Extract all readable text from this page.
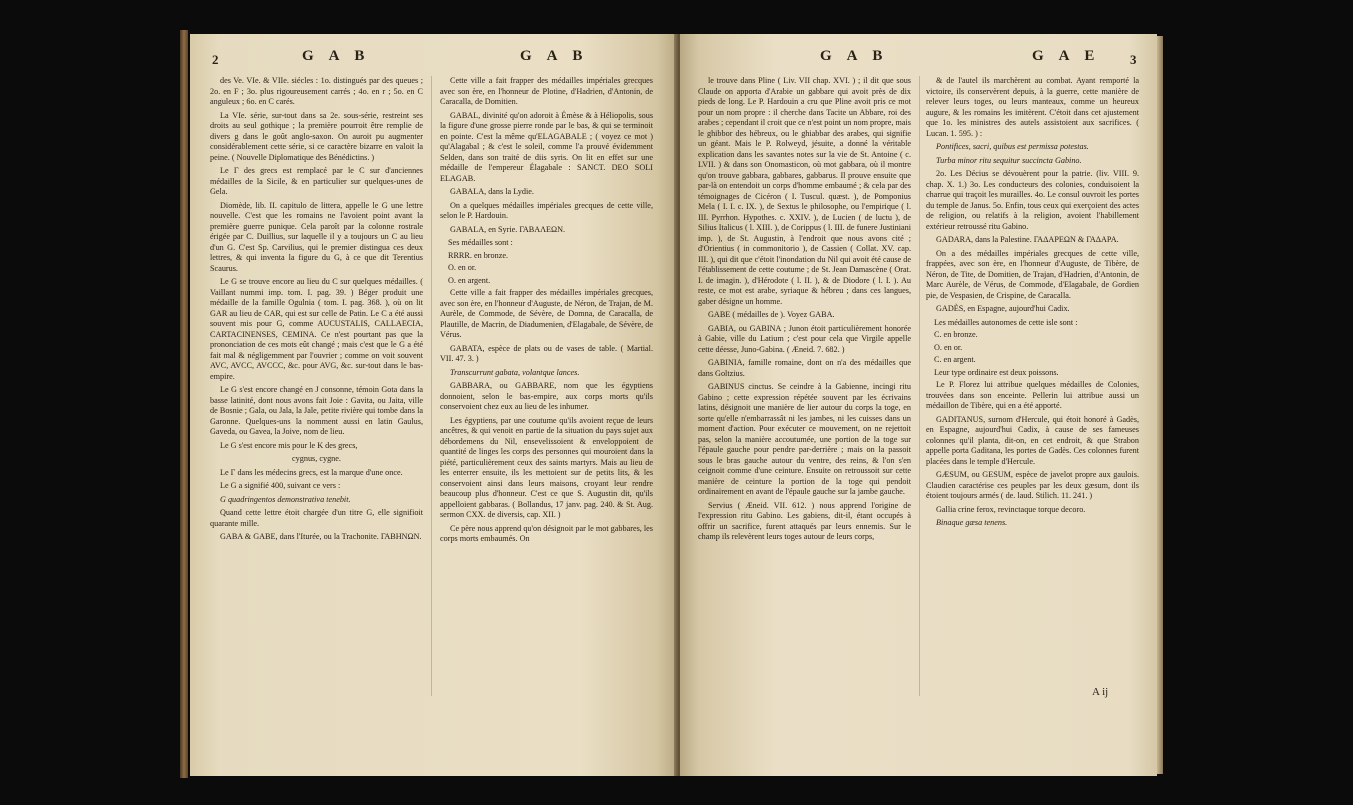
2	G A B	G A B

des Ve. VIe. & VIIe. siécles : 1o. distingués par des queues ; 2o. en F ; 3o. plus rigoureusement carrés ; 4o. en r ; 5o. en C anguleux ; 6o. en C carés.

La VIe. série, sur-tout dans sa 2e. sous-série, restreint ses droits au seul gothique ; la première pourroit être remplie de divers g dans le goût anglo-saxon. On auroit pu augmenter considérablement cette série, si ce caractère bizarre en valoit la peine. ( Nouvelle Diplomatique des Bénédictins. )

Le Γ des grecs est remplacé par le C sur d'anciennes médailles de la Sicile, & en particulier sur quelques-unes de Gela.

Diomède, lib. II. capitulo de littera, appelle le G une lettre nouvelle. C'est que les romains ne l'avoient point avant la première guerre punique. Cela paroît par la colonne rostrale érigée par C. Duillius, sur laquelle il y a toujours un C au lieu d'un G. C'est Sp. Carvilius, qui le premier distingua ces deux lettres, & qui inventa la figure du G, à ce que dit Terentius Scaurus.

Le G se trouve encore au lieu du C sur quelques médailles. ( Vaillant nummi imp. tom. I. pag. 39. ) Béger produit une médaille de la famille Ogulnia ( tom. I. pag. 368. ), où on lit GAR au lieu de CAR, qui est sur celle de Patin. Le C a été aussi souvent mis pour G, comme AUCUSTALIS, CALLAECIA, CARTACINENSES, CEMINA. Ce n'est pourtant pas que la prononciation de ces mots eût changé ; mais c'est que le G a été fait mal & négligemment par l'ouvrier ; comme on voit souvent AVC, AVCC, AVCCC, &c. pour AVG, &c. sur-tout dans le bas-empire.

Le G s'est encore changé en J consonne, témoin Gota dans la basse latinité, dont nous avons fait Joie : Gavita, ou Jaita, ville de Bosnie ; Gala, ou Jala, la Jale, petite rivière qui tombe dans la Garonne. Quelques-uns la nomment aussi en latin Gaulus, Gaveda, ou Gavea, la Joive, nom de lieu.

Le G s'est encore mis pour le K des grecs,

cygnus, cygne.

Le Γ dans les médecins grecs, est la marque d'une once.

Le G a signifié 400, suivant ce vers :

G quadringentos demonstrativa tenebit.

Quand cette lettre étoit chargée d'un titre G, elle signifioit quarante mille.

GABA & GABE, dans l'Iturée, ou la Trachonite. ΓΑΒΗΝΩΝ.

Cette ville a fait frapper des médailles impériales grecques avec son ère, en l'honneur de Plotine, d'Hadrien, d'Antonin, de Caracalla, de Domitien.

GABAL, divinité qu'on adoroit à Émèse & à Héliopolis, sous la figure d'une grosse pierre ronde par le bas, & qui se terminoit en pointe. C'est la même qu'ELAGABALE ; ( voyez ce mot ) qu'Alagabal ; & c'est le soleil, comme l'a prouvé évidemment Selden, dans son traité de diis syris. On lit en effet sur une médaille de l'empereur Élagabale : SANCT. DEO SOLI ELAGAB.

GABALA, dans la Lydie.

On a quelques médailles impériales grecques de cette ville, selon le P. Hardouin.

GABALA, en Syrie. ΓΑΒΑΛΕΩΝ.

Ses médailles sont :

RRRR. en bronze.

O. en or.

O. en argent.

Cette ville a fait frapper des médailles impériales grecques, avec son ère, en l'honneur d'Auguste, de Néron, de Trajan, de M. Aurèle, de Commode, de Sévère, de Domna, de Caracalla, de Plautille, de Macrin, de Diadumenien, d'Elagabale, de Sévère, de Vérus.

GABATA, espèce de plats ou de vases de table. ( Martial. VII. 47. 3. )

Transcurrunt gabata, volantque lances.

GABBARA, ou GABBARE, nom que les égyptiens donnoient, selon le bas-empire, aux corps morts qu'ils conservoient chez eux au lieu de les inhumer.

Les égyptiens, par une coutume qu'ils avoient reçue de leurs ancêtres, & qui venoit en partie de la situation du pays sujet aux débordemens du Nil, ensevelissoient & enveloppoient de quantité de linges les corps des personnes qui mouroient dans la piété, particulièrement ceux des saints martyrs. Mais au lieu de les enterrer ensuite, ils les mettoient sur de petits lits, & les conservoient ainsi dans leurs maisons, croyant leur rendre beaucoup plus d'honneur. C'est ce que S. Augustin dit, qu'ils appelloient gabbaras. ( Bollandus, 17 janv. pag. 240. & St. Aug. sermon CXX. de diversis, cap. XII. )

Ce père nous apprend qu'on désignoit par le mot gabbares, les corps morts embaumés. On

G A B	G A E 3

le trouve dans Pline ( Liv. VII chap. XVI. ) ; il dit que sous Claude on apporta d'Arabie un gabbare qui avoit près de dix pieds de long. Le P. Hardouin a cru que Pline avoit pris ce mot pour un nom propre : il cherche dans Tacite un Abbare, roi des arabes ; cependant il croit que ce n'est point un nom propre, mais le ghibbor des hébreux, ou le ghiabbar des arabes, qui signifie un géant. Mais le P. Rolweyd, jésuite, a donné la véritable explication dans les savantes notes sur la vie de St. Antoine ( c. LVII. ) & dans son Onomasticon, où mot gabbara, où il montre qu'on trouve gabbara, gabbares, gabbarus. Il prouve ensuite que par-là on entendoit un corps d'homme embaumé ; & cela par des témoignages de Cicéron ( I. Tuscul. quæst. ), de Pomponius Mela ( I. I. c. IX. ), de Sextus le philosophe, ou l'empirique ( l. III. Pyrrhon. Hypothes. c. XXIV. ), de Lucien ( de luctu ), de Silius Italicus ( l. XIII. ), de Corippus ( l. III. de funere Justiniani imp. ), de St. Augustin, à l'endroit que nous avons cité ; d'Orientius ( in commonitorio ), de Cassien ( Collat. XV. cap. III. ), qui dit que c'étoit l'inondation du Nil qui avoit été cause de l'établissement de cette coutume ; de St. Jean Damascène ( Orat. I. de imagin. ), d'Hérodote ( l. II. ), & de Diodore ( l. I. ). Au reste, ce mot est arabe, syriaque & hébreu ; dans ces langues, gaber désigne un homme.

GABE ( médailles de ). Voyez GABA.

GABIA, ou GABINA ; Junon étoit particulièrement honorée à Gabie, ville du Latium ; c'est pour cela que Virgile appelle cette déesse, Juno-Gabina. ( Æneid. 7. 682. )

GABINIA, famille romaine, dont on n'a des médailles que dans Goltzius.

GABINUS cinctus. Se ceindre à la Gabienne, incingi ritu Gabino ; cette expression répétée souvent par les écrivains latins, désignoit une manière de lier autour du corps la toge, en sorte qu'elle n'embarrassât ni les jambes, ni les cuisses dans un moment d'action. Pour exécuter ce mouvement, on ne rejettoit pas, selon la manière accoutumée, une portion de la toge sur l'épaule gauche pour pendre par-derrière ; mais on la passoit sous le bras gauche autour du ventre, des reins, & l'on s'en ceignoit comme d'une ceinture. Ensuite on retroussoit sur cette manière de ceinture la portion de la toge qui pendoit ordinairement en avant de l'épaule gauche sur la jambe gauche.

Servius ( Æneid. VII. 612. ) nous apprend l'origine de l'expression ritu Gabino. Les gabiens, dit-il, étant occupés à offrir un sacrifice, furent attaqués par leurs ennemis. Sur le champ ils relevèrent leurs toges autour de leurs corps,

& de l'autel ils marchèrent au combat. Ayant remporté la victoire, ils conservèrent depuis, à la guerre, cette manière de relever leurs toges, ou leurs manteaux, comme un heureux augure, & les romains les imitèrent. C'étoit dans cet ajustement que 1o. les ministres des autels assistoient aux sacrifices. ( Lucan. 1. 595. ) :

Pontifices, sacri, quibus est permissa potestas.

Turba minor ritu sequitur succincta Gabino.

2o. Les Décius se dévouèrent pour la patrie. (liv. VIII. 9. chap. X. 1.) 3o. Les conducteurs des colonies, conduisoient la charrue qui traçoit les murailles. 4o. Le consul ouvroit les portes du temple de Janus. 5o. Enfin, tous ceux qui exerçoient des actes de religion, ou relatifs à la religion, avoient l'habillement extérieur retroussé ritu Gabino.

GADARA, dans la Palestine. ΓΑΔΑΡΕΩΝ & ΓΑΔΑΡΑ.

On a des médailles impériales grecques de cette ville, frappées, avec son ère, en l'honneur d'Auguste, de Tibère, de Néron, de Tite, de Domitien, de Trajan, d'Hadrien, d'Antonin, de Marc Aurèle, de Vérus, de Commode, d'Elagabale, de Gordien pie, de Vespasien, de Crispine, de Caracalla.

GADÈS, en Espagne, aujourd'hui Cadix.

Les médailles autonomes de cette isle sont :

C. en bronze.

O. en or.

C. en argent.

Leur type ordinaire est deux poissons.

Le P. Florez lui attribue quelques médailles de Colonies, trouvées dans son enceinte. Pellerin lui attribue aussi un médaillon de Tibère, qui en a été apporté.

GADITANUS, surnom d'Hercule, qui étoit honoré à Gadès, en Espagne, aujourd'hui Cadix, à cause de ses fameuses colonnes qu'il planta, dit-on, en cet endroit, & que Strabon appelle porta Gaditana, les portes de Gadès. Ces colonnes furent placées dans le temple d'Hercule.

GÆSUM, ou GESUM, espèce de javelot propre aux gaulois. Claudien caractérise ces peuples par les deux gæsum, dont ils étoient toujours armés ( de. laud. Stilich. 11. 241. )

Gallia crine ferox, revinctaque torque decoro.

Binaque gæsa tenens.

A ij
